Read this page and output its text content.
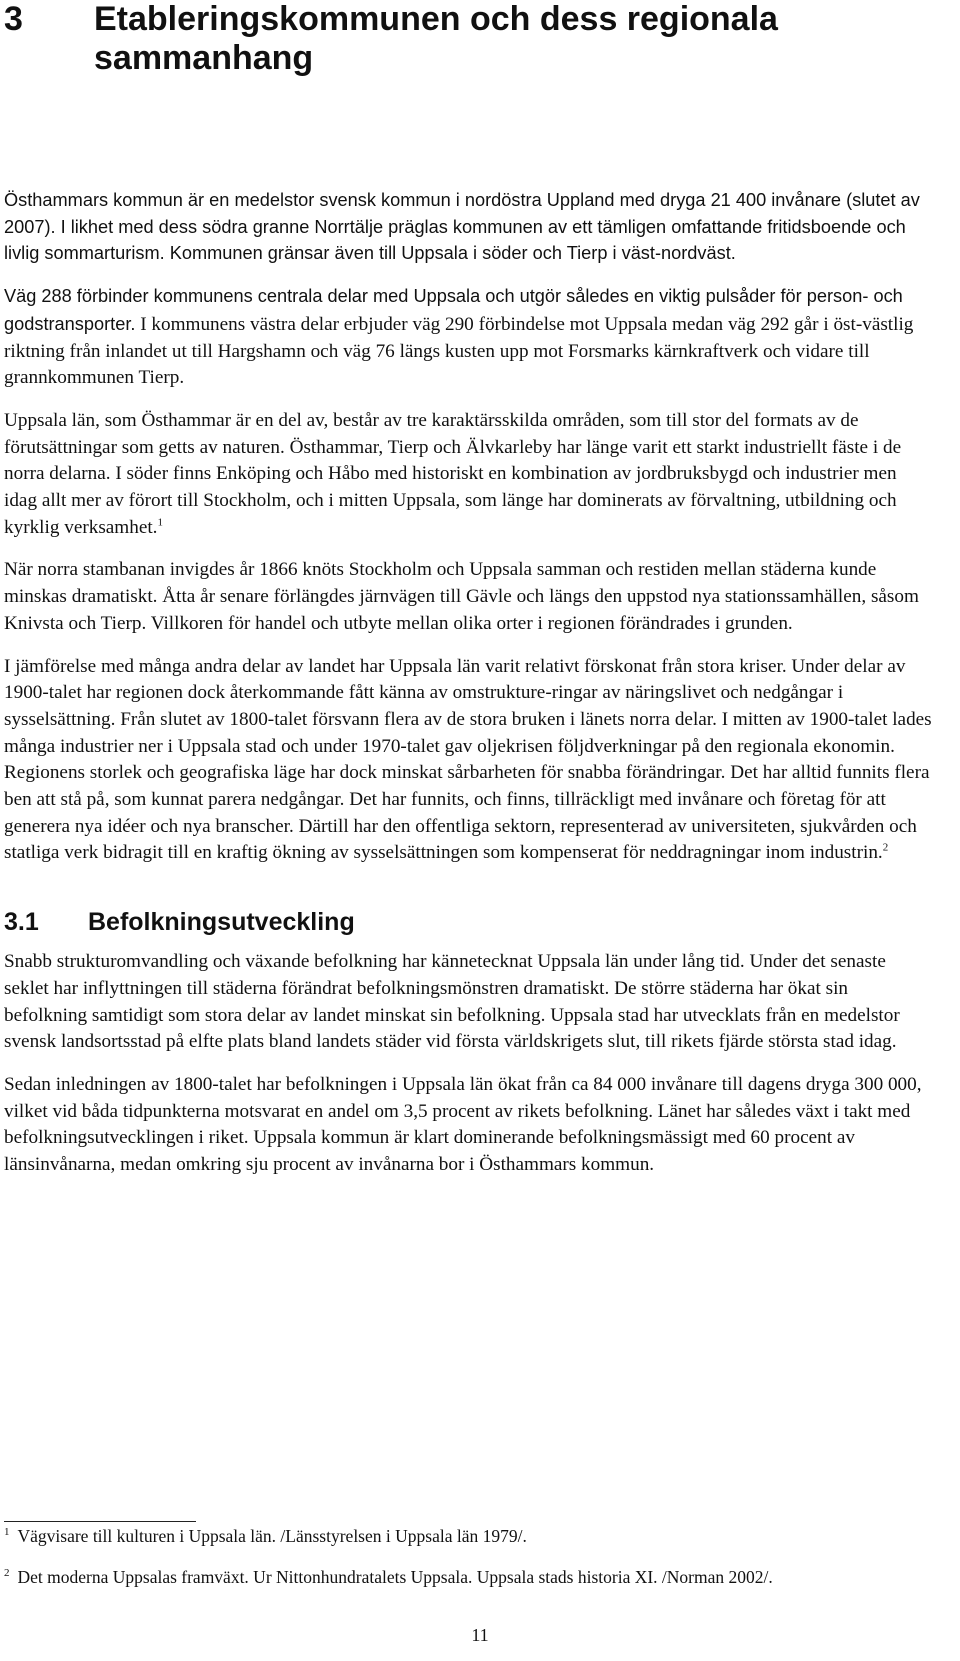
3 Etableringskommunen och dess regionala sammanhang

Östhammars kommun är en medelstor svensk kommun i nordöstra Uppland med dryga 21 400 invånare (slutet av 2007). I likhet med dess södra granne Norrtälje präglas kommunen av ett tämligen omfattande fritidsboende och livlig sommarturism. Kommunen gränsar även till Uppsala i söder och Tierp i väst-nordväst.

Väg 288 förbinder kommunens centrala delar med Uppsala och utgör således en viktig pulsåder för person- och godstransporter. I kommunens västra delar erbjuder väg 290 förbindelse mot Uppsala medan väg 292 går i öst-västlig riktning från inlandet ut till Hargshamn och väg 76 längs kusten upp mot Forsmarks kärnkraftverk och vidare till grannkommunen Tierp.

Uppsala län, som Östhammar är en del av, består av tre karaktärsskilda områden, som till stor del formats av de förutsättningar som getts av naturen. Östhammar, Tierp och Älvkarleby har länge varit ett starkt industriellt fäste i de norra delarna. I söder finns Enköping och Håbo med historiskt en kombination av jordbruksbygd och industrier men idag allt mer av förort till Stockholm, och i mitten Uppsala, som länge har dominerats av förvaltning, utbildning och kyrklig verksamhet.$^1$

När norra stambanan invigdes år 1866 knöts Stockholm och Uppsala samman och restiden mellan städerna kunde minskas dramatiskt. Åtta år senare förlängdes järnvägen till Gävle och längs den uppstod nya stationssamhällen, såsom Knivsta och Tierp. Villkoren för handel och utbyte mellan olika orter i regionen förändrades i grunden.

I jämförelse med många andra delar av landet har Uppsala län varit relativt förskonat från stora kriser. Under delar av 1900-talet har regionen dock återkommande fått känna av omstrukture-ringar av näringslivet och nedgångar i sysselsättning. Från slutet av 1800-talet försvann flera av de stora bruken i länets norra delar. I mitten av 1900-talet lades många industrier ner i Uppsala stad och under 1970-talet gav oljekrisen följdverkningar på den regionala ekonomin. Regionens storlek och geografiska läge har dock minskat sårbarheten för snabba förändringar. Det har alltid funnits flera ben att stå på, som kunnat parera nedgångar. Det har funnits, och finns, tillräckligt med invånare och företag för att generera nya idéer och nya branscher. Därtill har den offentliga sektorn, representerad av universiteten, sjukvården och statliga verk bidragit till en kraftig ökning av sysselsättningen som kompenserat för neddragningar inom industrin.$^2$

3.1 Befolkningsutveckling

Snabb strukturomvandling och växande befolkning har kännetecknat Uppsala län under lång tid. Under det senaste seklet har inflyttningen till städerna förändrat befolkningsmönstren dramatiskt. De större städerna har ökat sin befolkning samtidigt som stora delar av landet minskat sin befolkning. Uppsala stad har utvecklats från en medelstor svensk landsortsstad på elfte plats bland landets städer vid första världskrigets slut, till rikets fjärde största stad idag.

Sedan inledningen av 1800-talet har befolkningen i Uppsala län ökat från ca 84 000 invånare till dagens dryga 300 000, vilket vid båda tidpunkterna motsvarat en andel om 3,5 procent av rikets befolkning. Länet har således växt i takt med befolkningsutvecklingen i riket. Uppsala kommun är klart dominerande befolkningsmässigt med 60 procent av länsinvånarna, medan omkring sju procent av invånarna bor i Östhammars kommun.

$^1$ Vägvisare till kulturen i Uppsala län. /Länsstyrelsen i Uppsala län 1979/.
$^2$ Det moderna Uppsalas framväxt. Ur Nittonhundratalets Uppsala. Uppsala stads historia XI. /Norman 2002/.
11
